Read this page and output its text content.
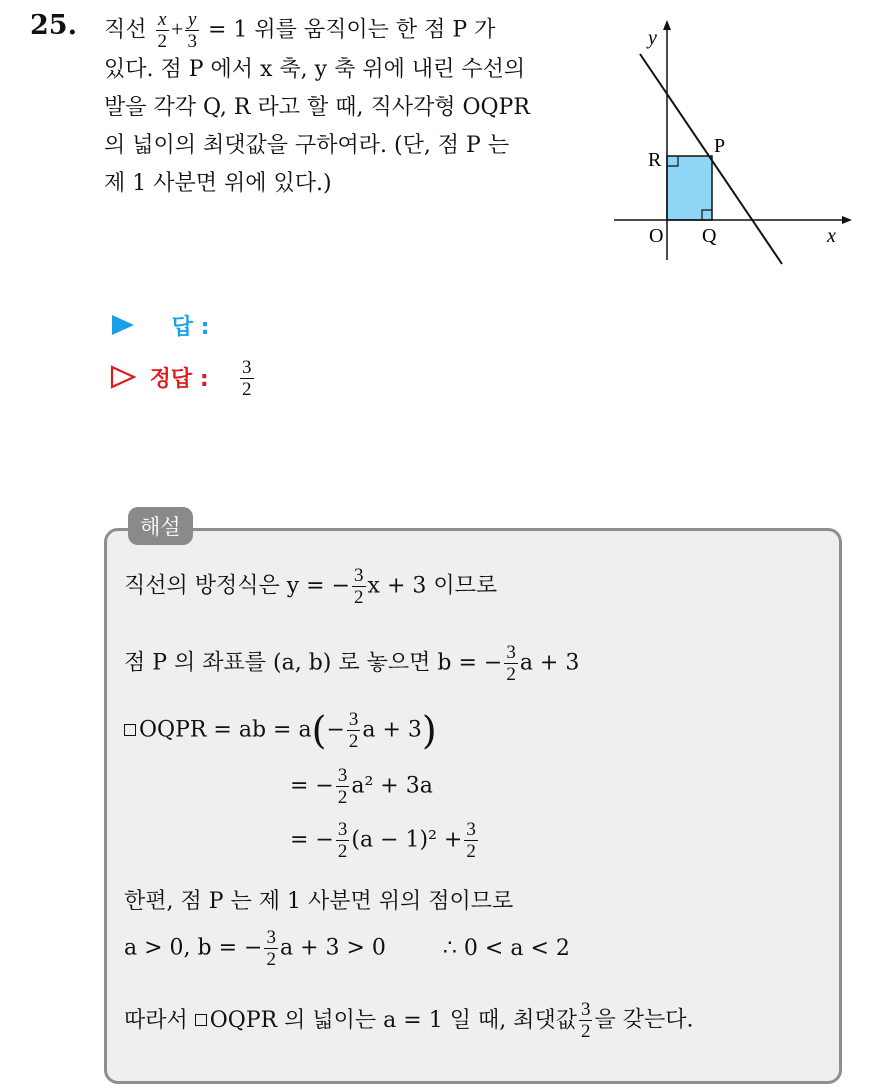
25. 직선 $\frac{x}{2} + \frac{y}{3} = 1$ 위를 움직이는 한 점 P 가
있다. 점 P 에서 x 축, y 축 위에 내린 수선의
발을 각각 Q, R 라고 할 때, 직사각형 OQPR
의 넓이의 최댓값을 구하여라. (단, 점 P 는
제 1 사분면 위에 있다.)
y
x
O Q
R
P
답 :
정답 : $\frac{3}{2}$
해설
직선의 방정식은 y = − $\frac{3}{2}$ x + 3 이므로
점 P 의 좌표를 (a, b) 로 놓으면 b = − $\frac{3}{2}$ a + 3
OQPR = ab = $a(- \frac{3}{2}$ a + 3)
= − $\frac{3}{2} a^2 + 3a$
= − $\frac{3}{2} (a - 1)^2 + \frac{3}{2}$
한편, 점 P 는 제 1 사분면 위의 점이므로
a > 0, b = − $\frac{3}{2}$ a + 3 > 0	∴ 0 < a < 2
따라서 OQPR 의 넓이는 a = 1 일 때, 최댓값 $\frac{3}{2}$ 을 갖는다.
